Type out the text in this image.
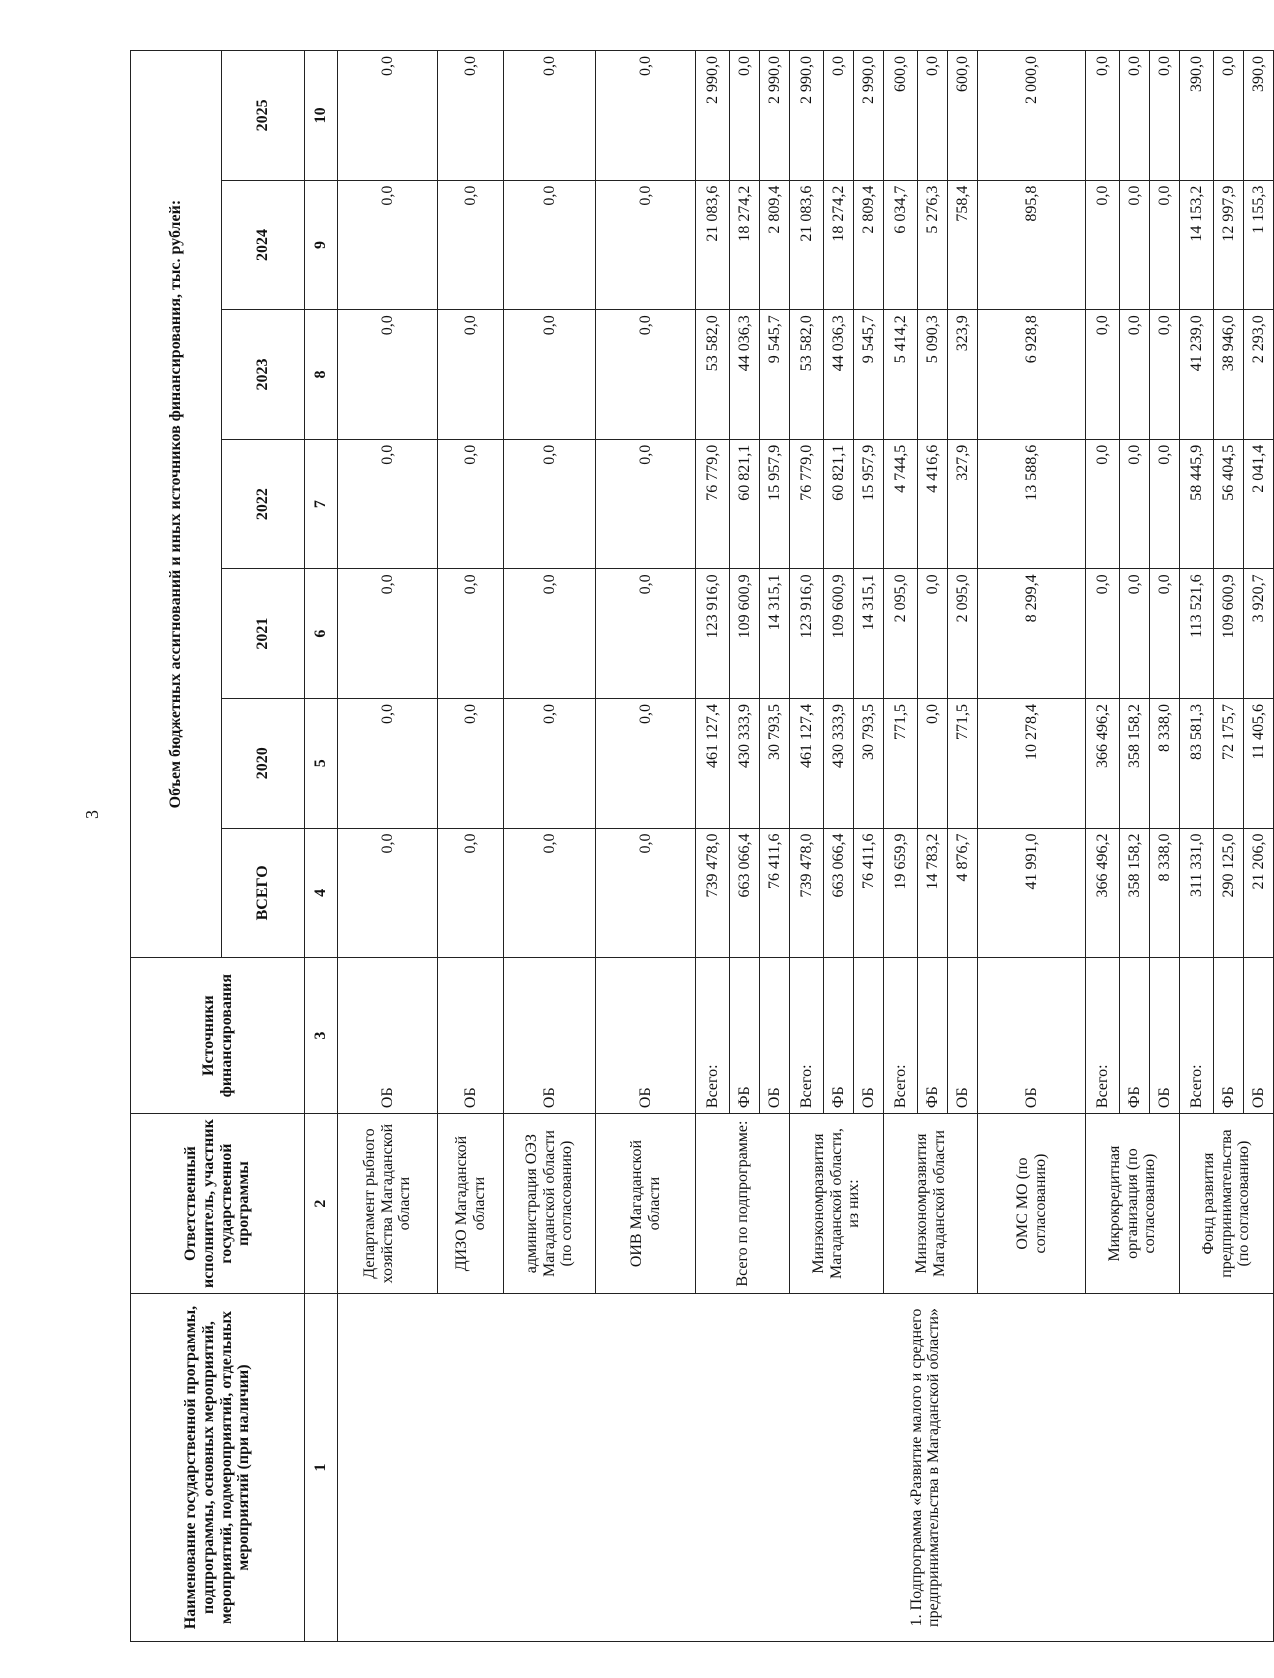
3
Наименование государственной программы, подпрограммы, основных мероприятий, мероприятий, подмероприятий, отдельных мероприятий (при наличии)	Ответственный исполнитель, участник государственной программы	Источники финансирования	Объем бюджетных ассигнований и иных источников финансирования, тыс. рублей:						
			ВСЕГО	2020	2021	2022	2023	2024	2025
1	2	3	4	5	6	7	8	9	10
1. Подпрограмма «Развитие малого и среднего предпринимательства в Магаданской области»	Департамент рыбного хозяйства Магаданской области	ОБ	0,0	0,0	0,0	0,0	0,0	0,0	0,0
	ДИЗО Магаданской области	ОБ	0,0	0,0	0,0	0,0	0,0	0,0	0,0
	администрация ОЭЗ Магаданской области (по согласованию)	ОБ	0,0	0,0	0,0	0,0	0,0	0,0	0,0
	ОИВ Магаданской области	ОБ	0,0	0,0	0,0	0,0	0,0	0,0	0,0
	Всего по подпрограмме:	Всего:	739 478,0	461 127,4	123 916,0	76 779,0	53 582,0	21 083,6	2 990,0
		ФБ	663 066,4	430 333,9	109 600,9	60 821,1	44 036,3	18 274,2	0,0
		ОБ	76 411,6	30 793,5	14 315,1	15 957,9	9 545,7	2 809,4	2 990,0
	Минэкономразвития Магаданской области, из них:	Всего:	739 478,0	461 127,4	123 916,0	76 779,0	53 582,0	21 083,6	2 990,0
		ФБ	663 066,4	430 333,9	109 600,9	60 821,1	44 036,3	18 274,2	0,0
		ОБ	76 411,6	30 793,5	14 315,1	15 957,9	9 545,7	2 809,4	2 990,0
	Минэкономразвития Магаданской области	Всего:	19 659,9	771,5	2 095,0	4 744,5	5 414,2	6 034,7	600,0
		ФБ	14 783,2	0,0	0,0	4 416,6	5 090,3	5 276,3	0,0
		ОБ	4 876,7	771,5	2 095,0	327,9	323,9	758,4	600,0
	ОМС МО (по согласованию)	ОБ	41 991,0	10 278,4	8 299,4	13 588,6	6 928,8	895,8	2 000,0
	Микрокредитная организация (по согласованию)	Всего:	366 496,2	366 496,2	0,0	0,0	0,0	0,0	0,0
		ФБ	358 158,2	358 158,2	0,0	0,0	0,0	0,0	0,0
		ОБ	8 338,0	8 338,0	0,0	0,0	0,0	0,0	0,0
	Фонд развития предпринимательства (по согласованию)	Всего:	311 331,0	83 581,3	113 521,6	58 445,9	41 239,0	14 153,2	390,0
		ФБ	290 125,0	72 175,7	109 600,9	56 404,5	38 946,0	12 997,9	0,0
		ОБ	21 206,0	11 405,6	3 920,7	2 041,4	2 293,0	1 155,3	390,0
